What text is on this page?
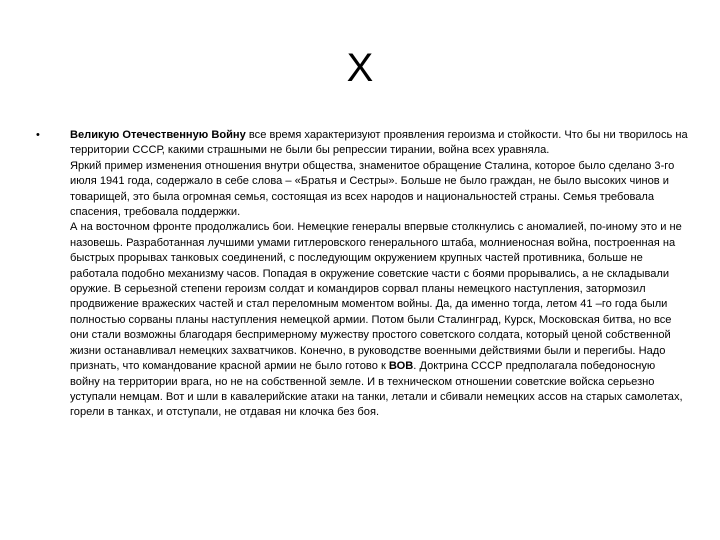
Х
•	Великую Отечественную Войну все время характеризуют проявления героизма и стойкости. Что бы ни творилось на территории СССР, какими страшными не были бы репрессии тирании, война всех уравняла.

Яркий пример изменения отношения внутри общества, знаменитое обращение Сталина, которое было сделано 3-го июля 1941 года, содержало в себе слова – «Братья и Сестры». Больше не было граждан, не было высоких чинов и товарищей, это была огромная семья, состоящая из всех народов и национальностей страны. Семья требовала спасения, требовала поддержки.

А на восточном фронте продолжались бои. Немецкие генералы впервые столкнулись с аномалией, по-иному это и не назовешь. Разработанная лучшими умами гитлеровского генерального штаба, молниеносная война, построенная на быстрых прорывах танковых соединений, с последующим окружением крупных частей противника, больше не работала подобно механизму часов. Попадая в окружение советские части с боями прорывались, а не складывали оружие. В серьезной степени героизм солдат и командиров сорвал планы немецкого наступления, затормозил продвижение вражеских частей и стал переломным моментом войны. Да, да именно тогда, летом 41 –го года были полностью сорваны планы наступления немецкой армии. Потом были Сталинград, Курск, Московская битва, но все они стали возможны благодаря беспримерному мужеству простого советского солдата, который ценой собственной жизни останавливал немецких захватчиков. Конечно, в руководстве военными действиями были и перегибы. Надо признать, что командование красной армии не было готово к ВОВ. Доктрина СССР предполагала победоносную войну на территории врага, но не на собственной земле. И в техническом отношении советские войска серьезно уступали немцам. Вот и шли в кавалерийские атаки на танки, летали и сбивали немецких ассов на старых самолетах, горели в танках, и отступали, не отдавая ни клочка без боя.
